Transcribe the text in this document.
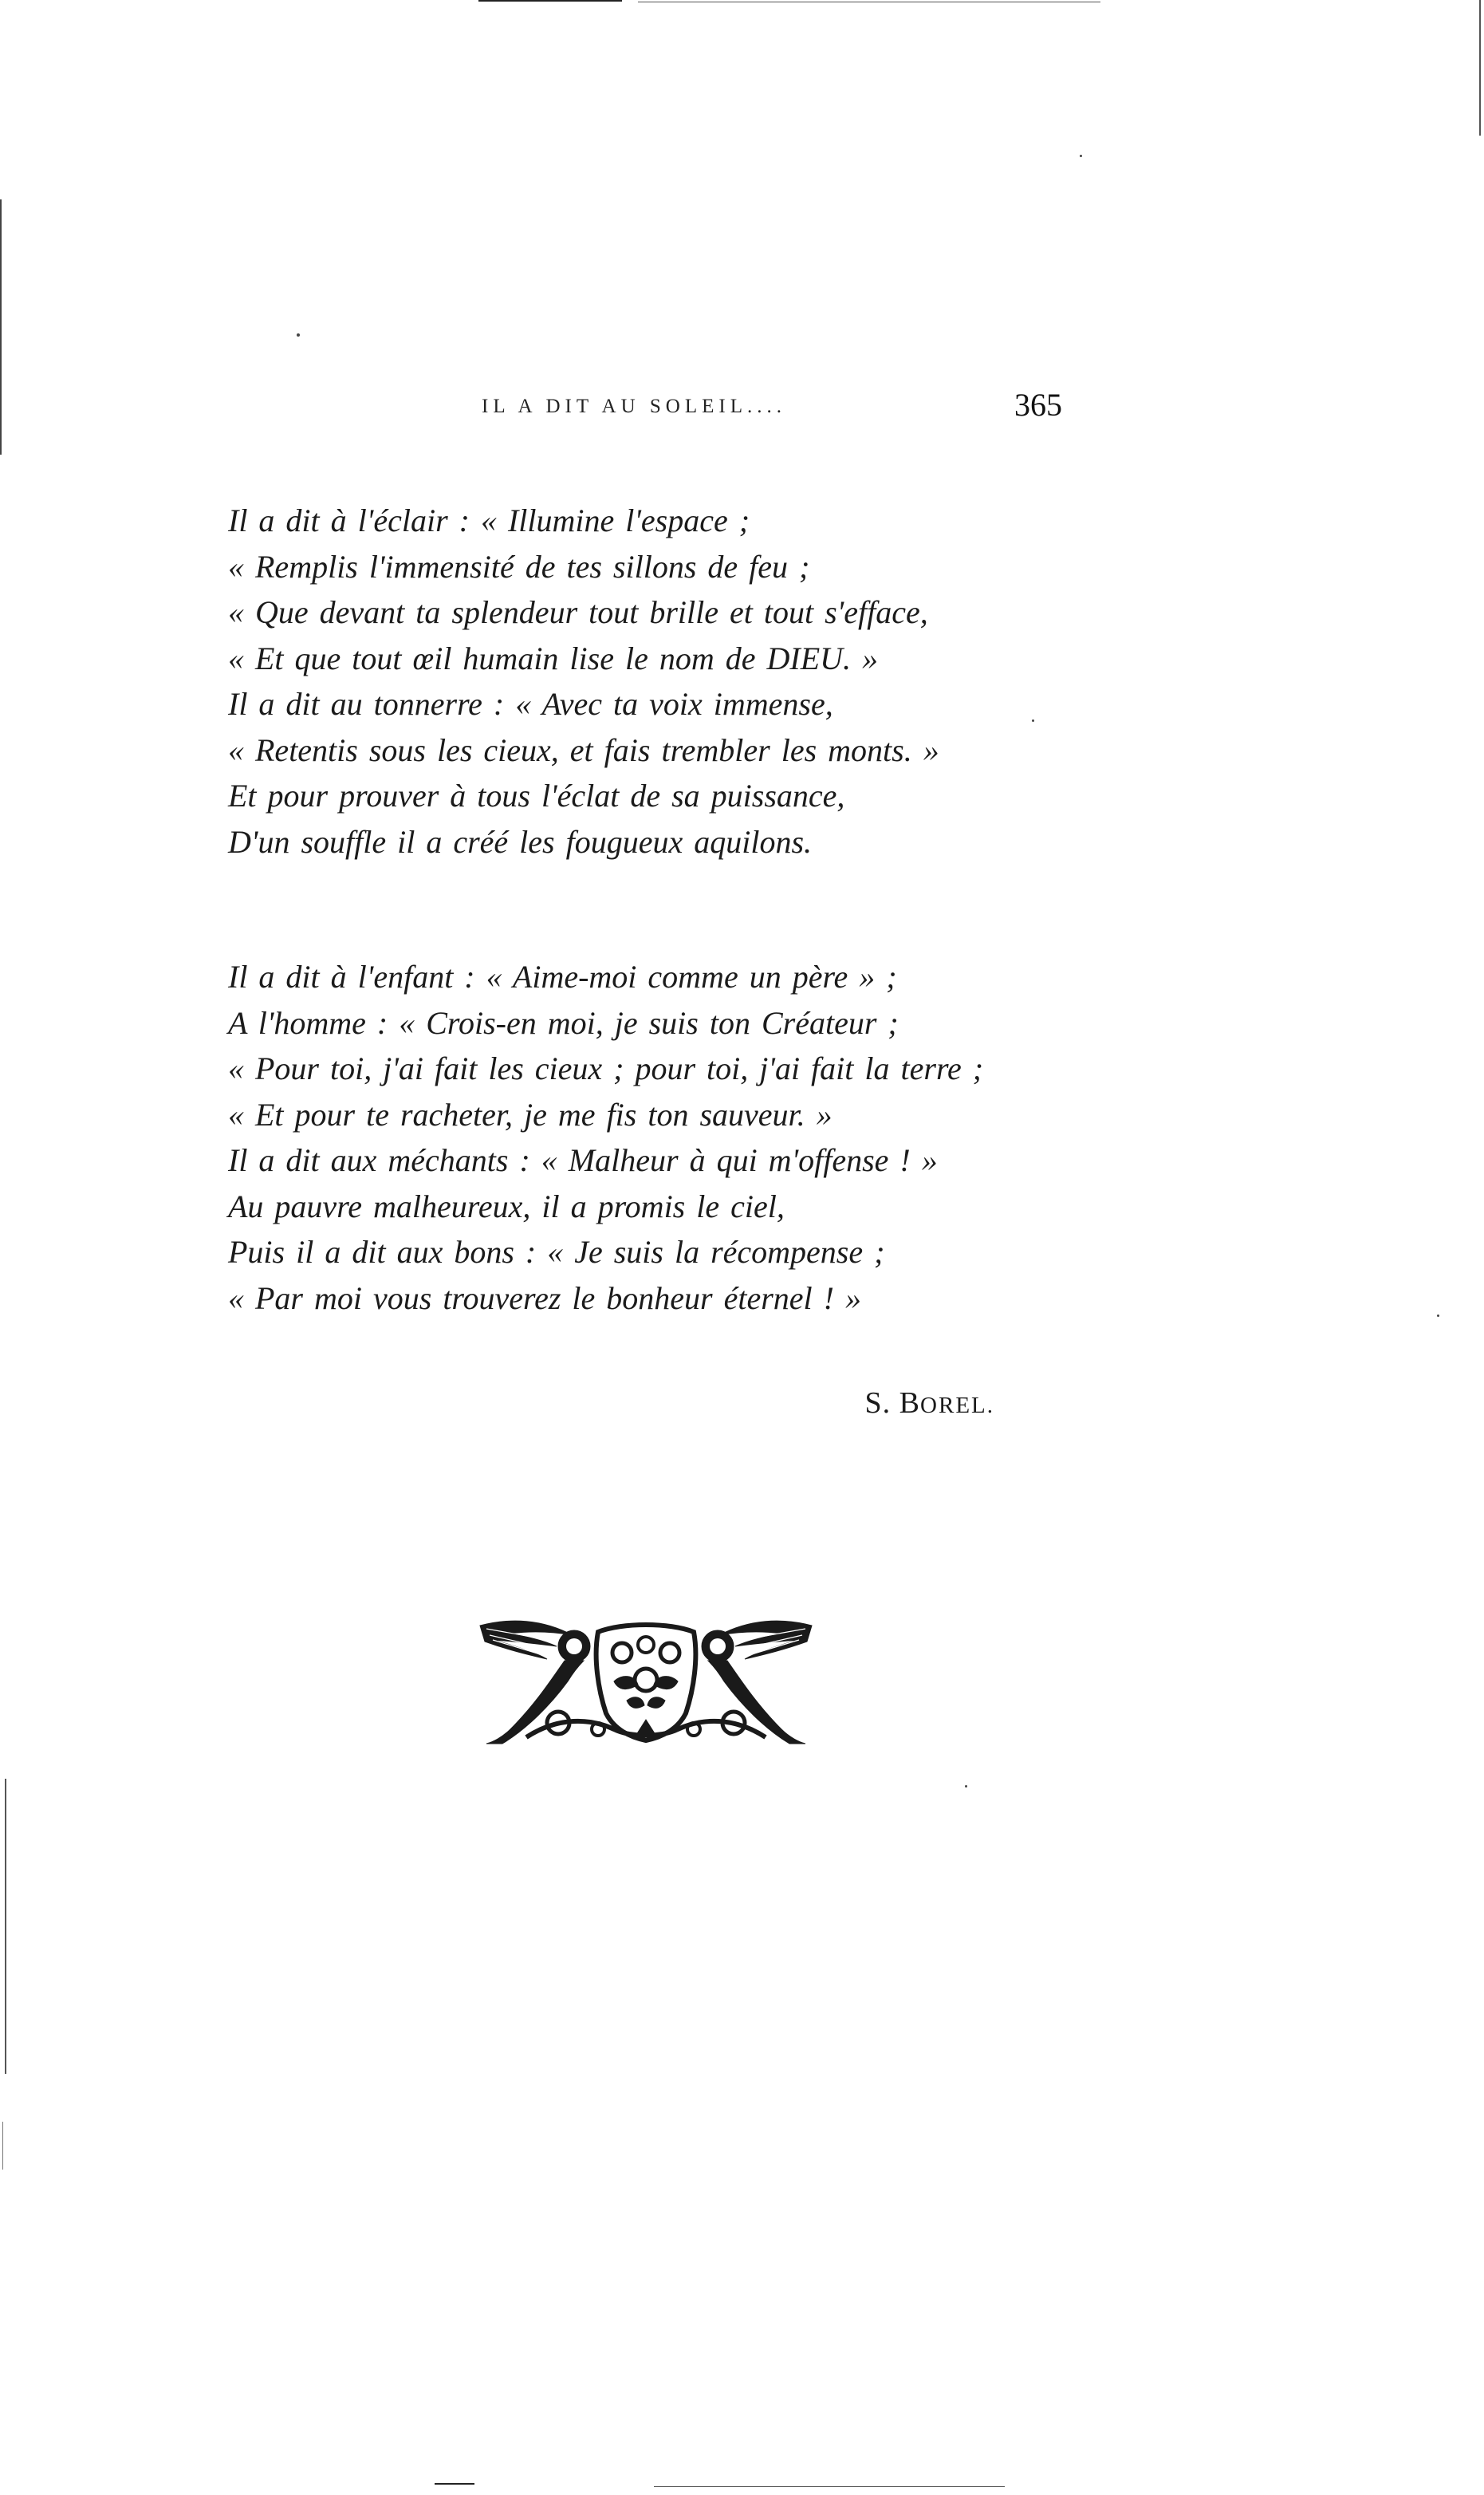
IL A DIT AU SOLEIL....	365
Il a dit à l'éclair : « Illumine l'espace ;
« Remplis l'immensité de tes sillons de feu ;
« Que devant ta splendeur tout brille et tout s'efface,
« Et que tout œil humain lise le nom de DIEU. »
Il a dit au tonnerre : « Avec ta voix immense,
« Retentis sous les cieux, et fais trembler les monts. »
Et pour prouver à tous l'éclat de sa puissance,
D'un souffle il a créé les fougueux aquilons.
Il a dit à l'enfant : « Aime-moi comme un père » ;
A l'homme : « Crois-en moi, je suis ton Créateur ;
« Pour toi, j'ai fait les cieux ; pour toi, j'ai fait la terre ;
« Et pour te racheter, je me fis ton sauveur. »
Il a dit aux méchants : « Malheur à qui m'offense ! »
Au pauvre malheureux, il a promis le ciel,
Puis il a dit aux bons : « Je suis la récompense ;
« Par moi vous trouverez le bonheur éternel ! »
S. BOREL.
